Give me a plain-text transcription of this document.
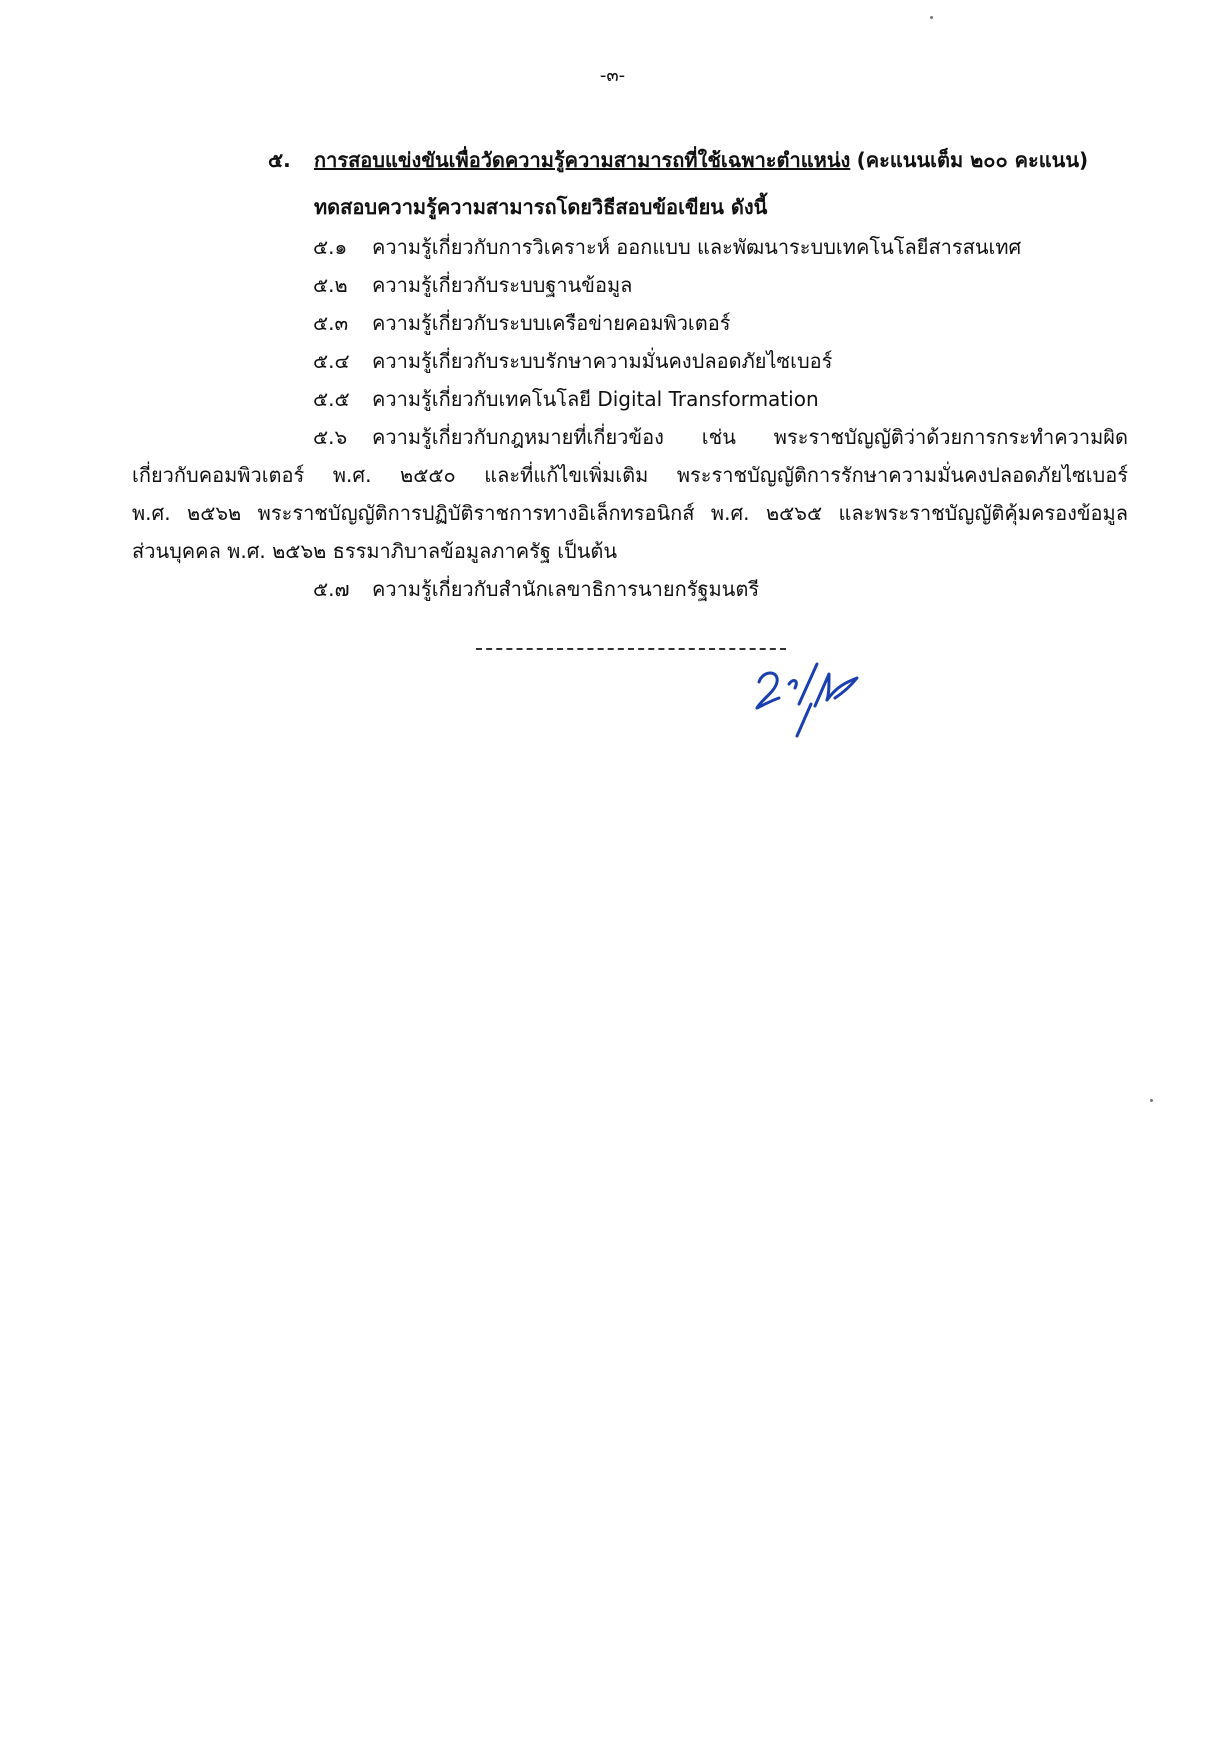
-๓-
๕. การสอบแข่งขันเพื่อวัดความรู้ความสามารถที่ใช้เฉพาะตำแหน่ง (คะแนนเต็ม ๒๐๐ คะแนน)
ทดสอบความรู้ความสามารถโดยวิธีสอบข้อเขียน ดังนี้
๕.๑ ความรู้เกี่ยวกับการวิเคราะห์ ออกแบบ และพัฒนาระบบเทคโนโลยีสารสนเทศ
๕.๒ ความรู้เกี่ยวกับระบบฐานข้อมูล
๕.๓ ความรู้เกี่ยวกับระบบเครือข่ายคอมพิวเตอร์
๕.๔ ความรู้เกี่ยวกับระบบรักษาความมั่นคงปลอดภัยไซเบอร์
๕.๕ ความรู้เกี่ยวกับเทคโนโลยี Digital Transformation
๕.๖ ความรู้เกี่ยวกับกฎหมายที่เกี่ยวข้อง เช่น พระราชบัญญัติว่าด้วยการกระทำความผิด
เกี่ยวกับคอมพิวเตอร์ พ.ศ. ๒๕๕๐ และที่แก้ไขเพิ่มเติม พระราชบัญญัติการรักษาความมั่นคงปลอดภัยไซเบอร์
พ.ศ. ๒๕๖๒ พระราชบัญญัติการปฏิบัติราชการทางอิเล็กทรอนิกส์ พ.ศ. ๒๕๖๕ และพระราชบัญญัติคุ้มครองข้อมูล
ส่วนบุคคล พ.ศ. ๒๕๖๒ ธรรมาภิบาลข้อมูลภาครัฐ เป็นต้น
๕.๗ ความรู้เกี่ยวกับสำนักเลขาธิการนายกรัฐมนตรี
